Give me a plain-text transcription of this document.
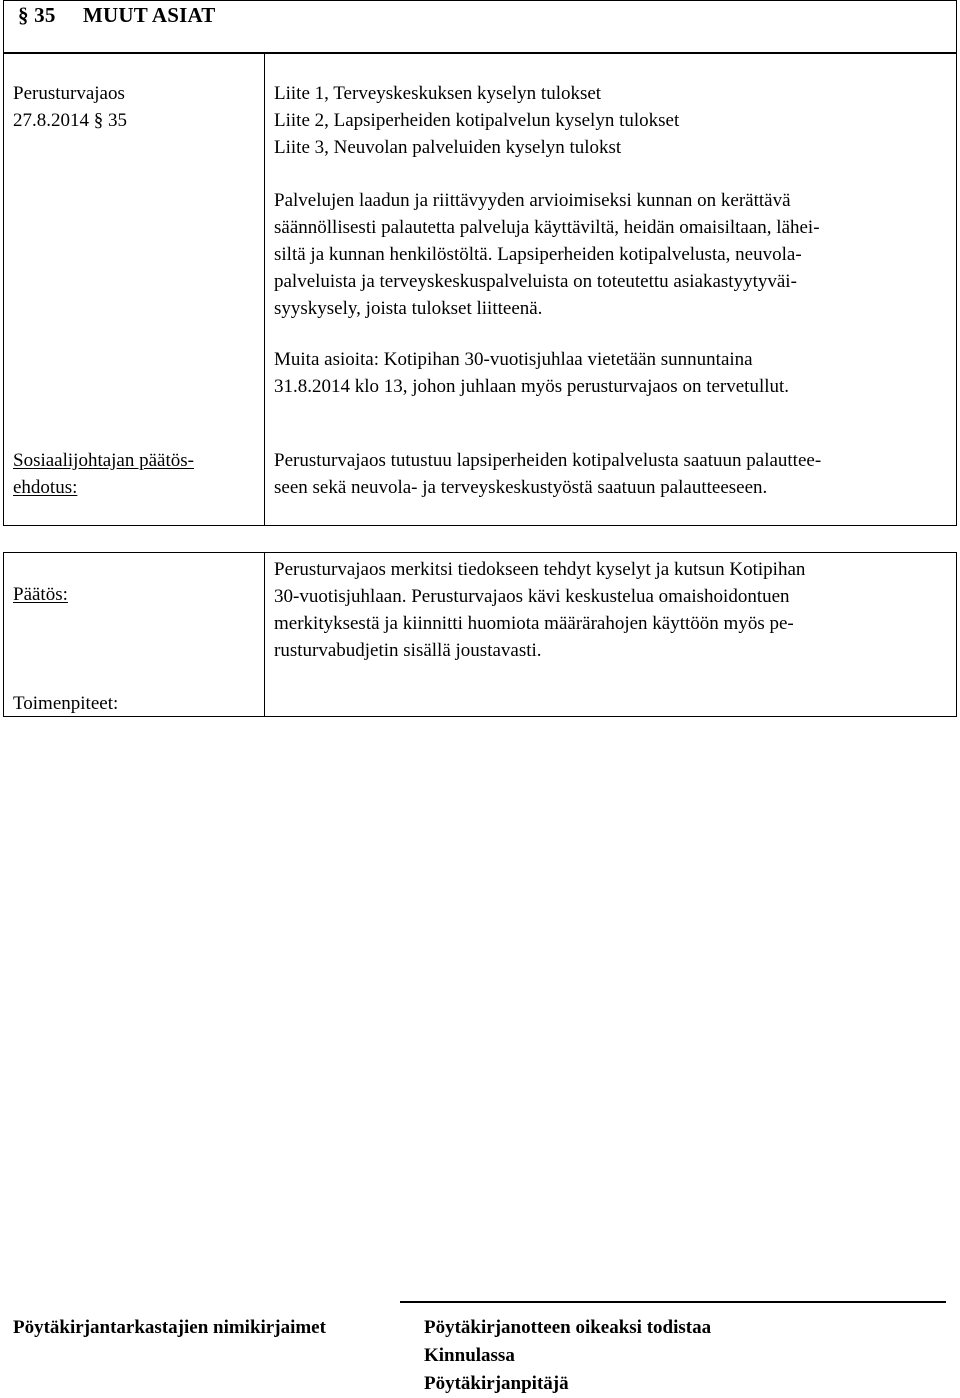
§ 35 MUUT ASIAT
Perusturvajaos
27.8.2014 § 35
Liite 1, Terveyskeskuksen kyselyn tulokset
Liite 2, Lapsiperheiden kotipalvelun kyselyn tulokset
Liite 3, Neuvolan palveluiden kyselyn tulokst
Palvelujen laadun ja riittävyyden arvioimiseksi kunnan on kerättävä
säännöllisesti palautetta palveluja käyttäviltä, heidän omaisiltaan, lähei-
siltä ja kunnan henkilöstöltä. Lapsiperheiden kotipalvelusta, neuvola-
palveluista ja terveyskeskuspalveluista on toteutettu asiakastyytyväi-
syyskysely, joista tulokset liitteenä.
Muita asioita: Kotipihan 30-vuotisjuhlaa vietetään sunnuntaina
31.8.2014 klo 13, johon juhlaan myös perusturvajaos on tervetullut.
Sosiaalijohtajan päätös-
ehdotus:
Perusturvajaos tutustuu lapsiperheiden kotipalvelusta saatuun palauttee-
seen sekä neuvola- ja terveyskeskustyöstä saatuun palautteeseen.
Päätös:
Perusturvajaos merkitsi tiedokseen tehdyt kyselyt ja kutsun Kotipihan
30-vuotisjuhlaan. Perusturvajaos kävi keskustelua omaishoidontuen
merkityksestä ja kiinnitti huomiota määrärahojen käyttöön myös pe-
rusturvabudjetin sisällä joustavasti.
Toimenpiteet:
Pöytäkirjantarkastajien nimikirjaimet	Pöytäkirjanotteen oikeaksi todistaa
Kinnulassa
Pöytäkirjanpitäjä
